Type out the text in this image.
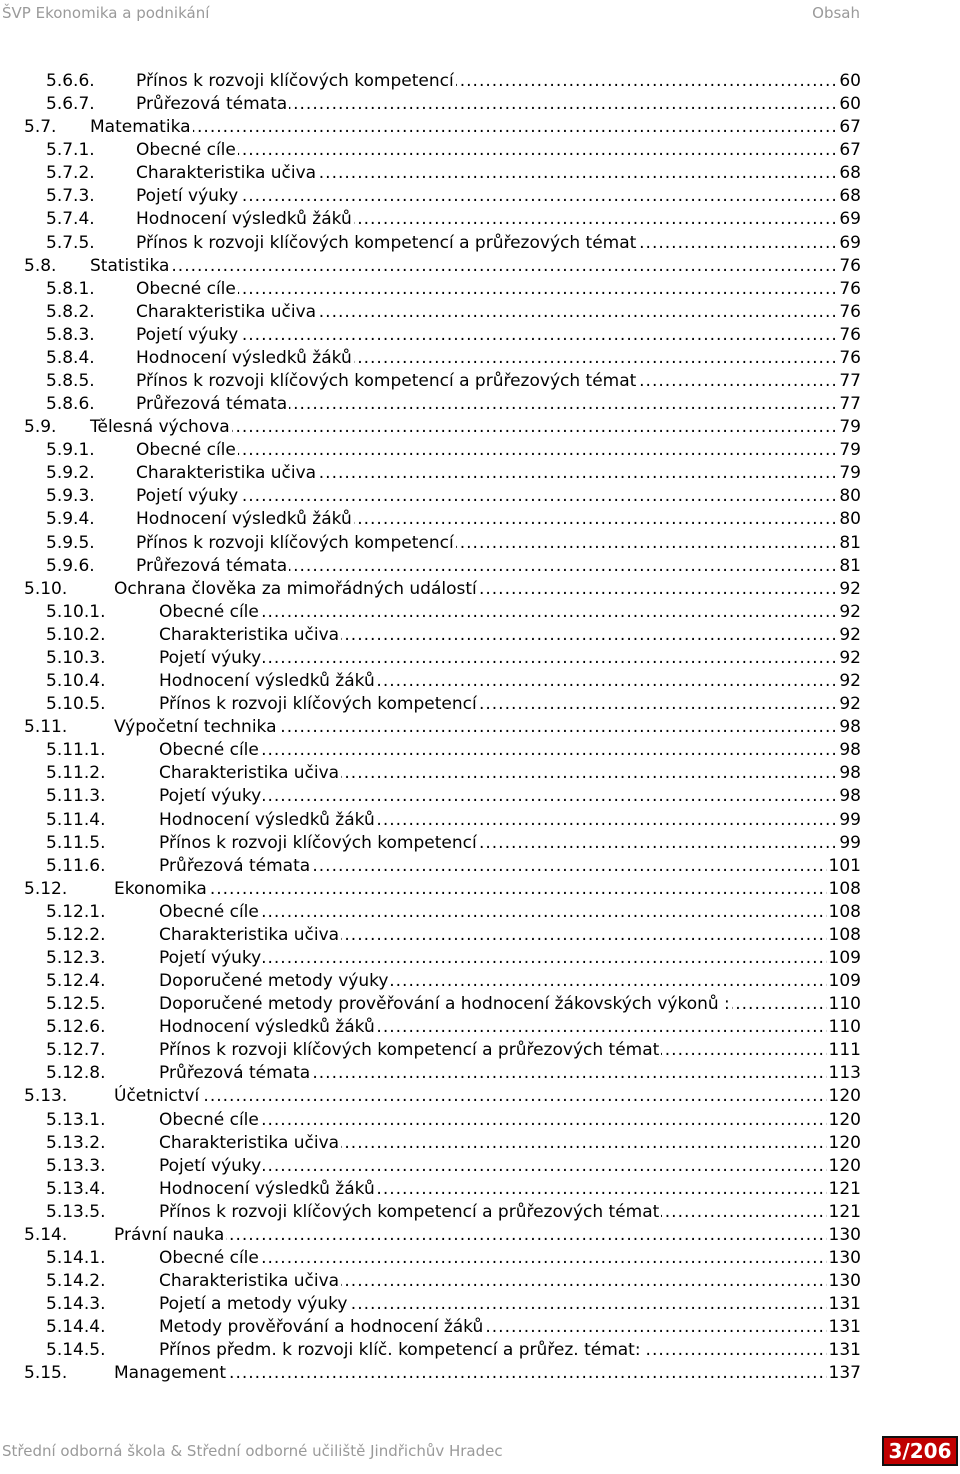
ŠVP Ekonomika a podnikání	Obsah
. . . 5.6.6. Přínos k rozvoji klíčových kompetencí	60
. . . 5.6.7. Průřezová témata	60
. . . 5.7. Matematika	67
. . . 5.7.1. Obecné cíle	67
. . . 5.7.2. Charakteristika učiva	68
. . . 5.7.3. Pojetí výuky	68
. . . 5.7.4. Hodnocení výsledků žáků	69
. . . 5.7.5. Přínos k rozvoji klíčových kompetencí a průřezových témat	69
. . . 5.8. Statistika	76
. . . 5.8.1. Obecné cíle	76
. . . 5.8.2. Charakteristika učiva	76
. . . 5.8.3. Pojetí výuky	76
. . . 5.8.4. Hodnocení výsledků žáků	76
. . . 5.8.5. Přínos k rozvoji klíčových kompetencí a průřezových témat	77
. . . 5.8.6. Průřezová témata	77
. . . 5.9. Tělesná výchova	79
. . . 5.9.1. Obecné cíle	79
. . . 5.9.2. Charakteristika učiva	79
. . . 5.9.3. Pojetí výuky	80
. . . 5.9.4. Hodnocení výsledků žáků	80
. . . 5.9.5. Přínos k rozvoji klíčových kompetencí	81
. . . 5.9.6. Průřezová témata	81
. . . 5.10.	Ochrana člověka za mimořádných událostí	92
. . . 5.10.1.	Obecné cíle	92
. . . 5.10.2.	Charakteristika učiva	92
. . . 5.10.3.	Pojetí výuky	92
. . . 5.10.4.	Hodnocení výsledků žáků	92
. . . 5.10.5.	Přínos k rozvoji klíčových kompetencí	92
. . . 5.11.	Výpočetní technika	98
. . . 5.11.1.	Obecné cíle	98
. . . 5.11.2.	Charakteristika učiva	98
. . . 5.11.3.	Pojetí výuky	98
. . . 5.11.4.	Hodnocení výsledků žáků	99
. . . 5.11.5.	Přínos k rozvoji klíčových kompetencí	99
. . . 5.11.6.	Průřezová témata	101
. . . 5.12.	Ekonomika	108
. . . 5.12.1.	Obecné cíle	108
. . . 5.12.2.	Charakteristika učiva	108
. . . 5.12.3.	Pojetí výuky	109
. . . 5.12.4.	Doporučené metody výuky	109
. . . 5.12.5.	Doporučené metody prověřování a hodnocení žákovských výkonů :	110
. . . 5.12.6.	Hodnocení výsledků žáků	110
. . . 5.12.7.	Přínos k rozvoji klíčových kompetencí a průřezových témat	111
. . . 5.12.8.	Průřezová témata	113
. . . 5.13.	Účetnictví	120
. . . 5.13.1.	Obecné cíle	120
. . . 5.13.2.	Charakteristika učiva	120
. . . 5.13.3.	Pojetí výuky	120
. . . 5.13.4.	Hodnocení výsledků žáků	121
. . . 5.13.5.	Přínos k rozvoji klíčových kompetencí a průřezových témat	121
. . . 5.14.	Právní nauka	130
. . . 5.14.1.	Obecné cíle	130
. . . 5.14.2.	Charakteristika učiva	130
. . . 5.14.3.	Pojetí a metody výuky	131
. . . 5.14.4.	Metody prověřování a hodnocení žáků	131
. . . 5.14.5.	Přínos předm. k rozvoji klíč. kompetencí a průřez. témat:	131
. . . 5.15.	Management	137
Střední odborná škola & Střední odborné učiliště Jindřichův Hradec	3/206
